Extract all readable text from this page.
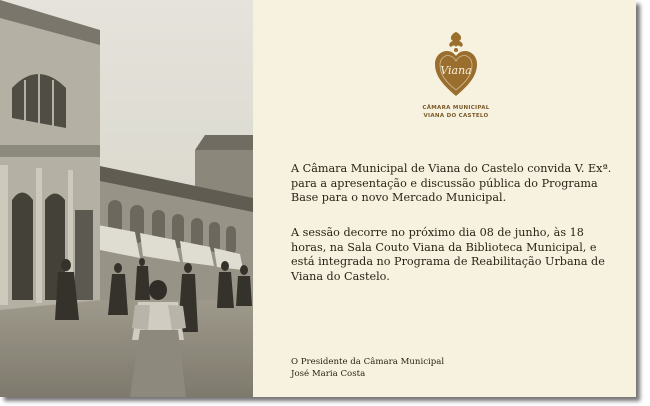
Viana
CÂMARA MUNICIPAL
VIANA DO CASTELO

A Câmara Municipal de Viana do Castelo convida V. Exª. para a apresentação e discussão pública do Programa Base para o novo Mercado Municipal.

A sessão decorre no próximo dia 08 de junho, às 18 horas, na Sala Couto Viana da Biblioteca Municipal, e está integrada no Programa de Reabilitação Urbana de Viana do Castelo.

O Presidente da Câmara Municipal
José Maria Costa
